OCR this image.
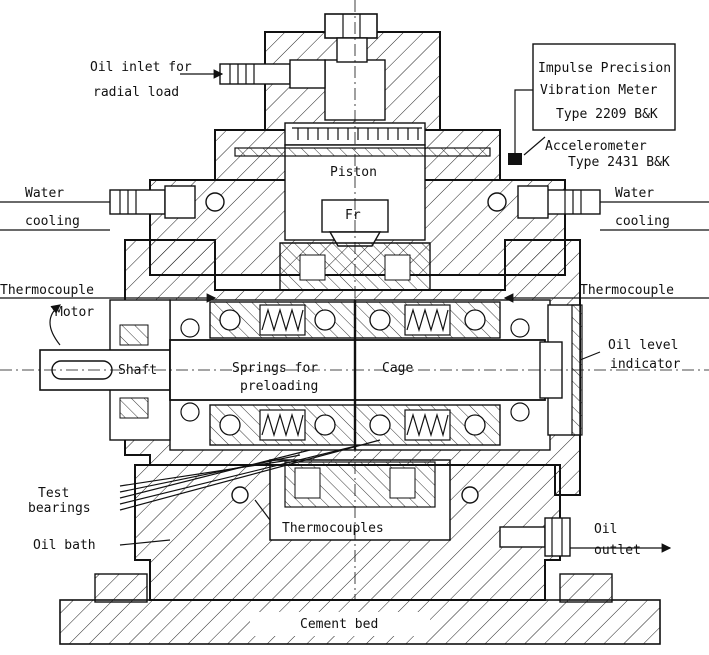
Oil inlet for
radial load
Impulse Precision
Vibration Meter
Type 2209 B&K
Accelerometer
Type 2431 B&K
Piston
Fr
Water
cooling
Water
cooling
Thermocouple	Thermocouple
Motor
Shaft	Springs for
preloading
Cage
Oil level
indicator
Test
bearings
Thermocouples
Oil bath
Oil
outlet
Cement bed
